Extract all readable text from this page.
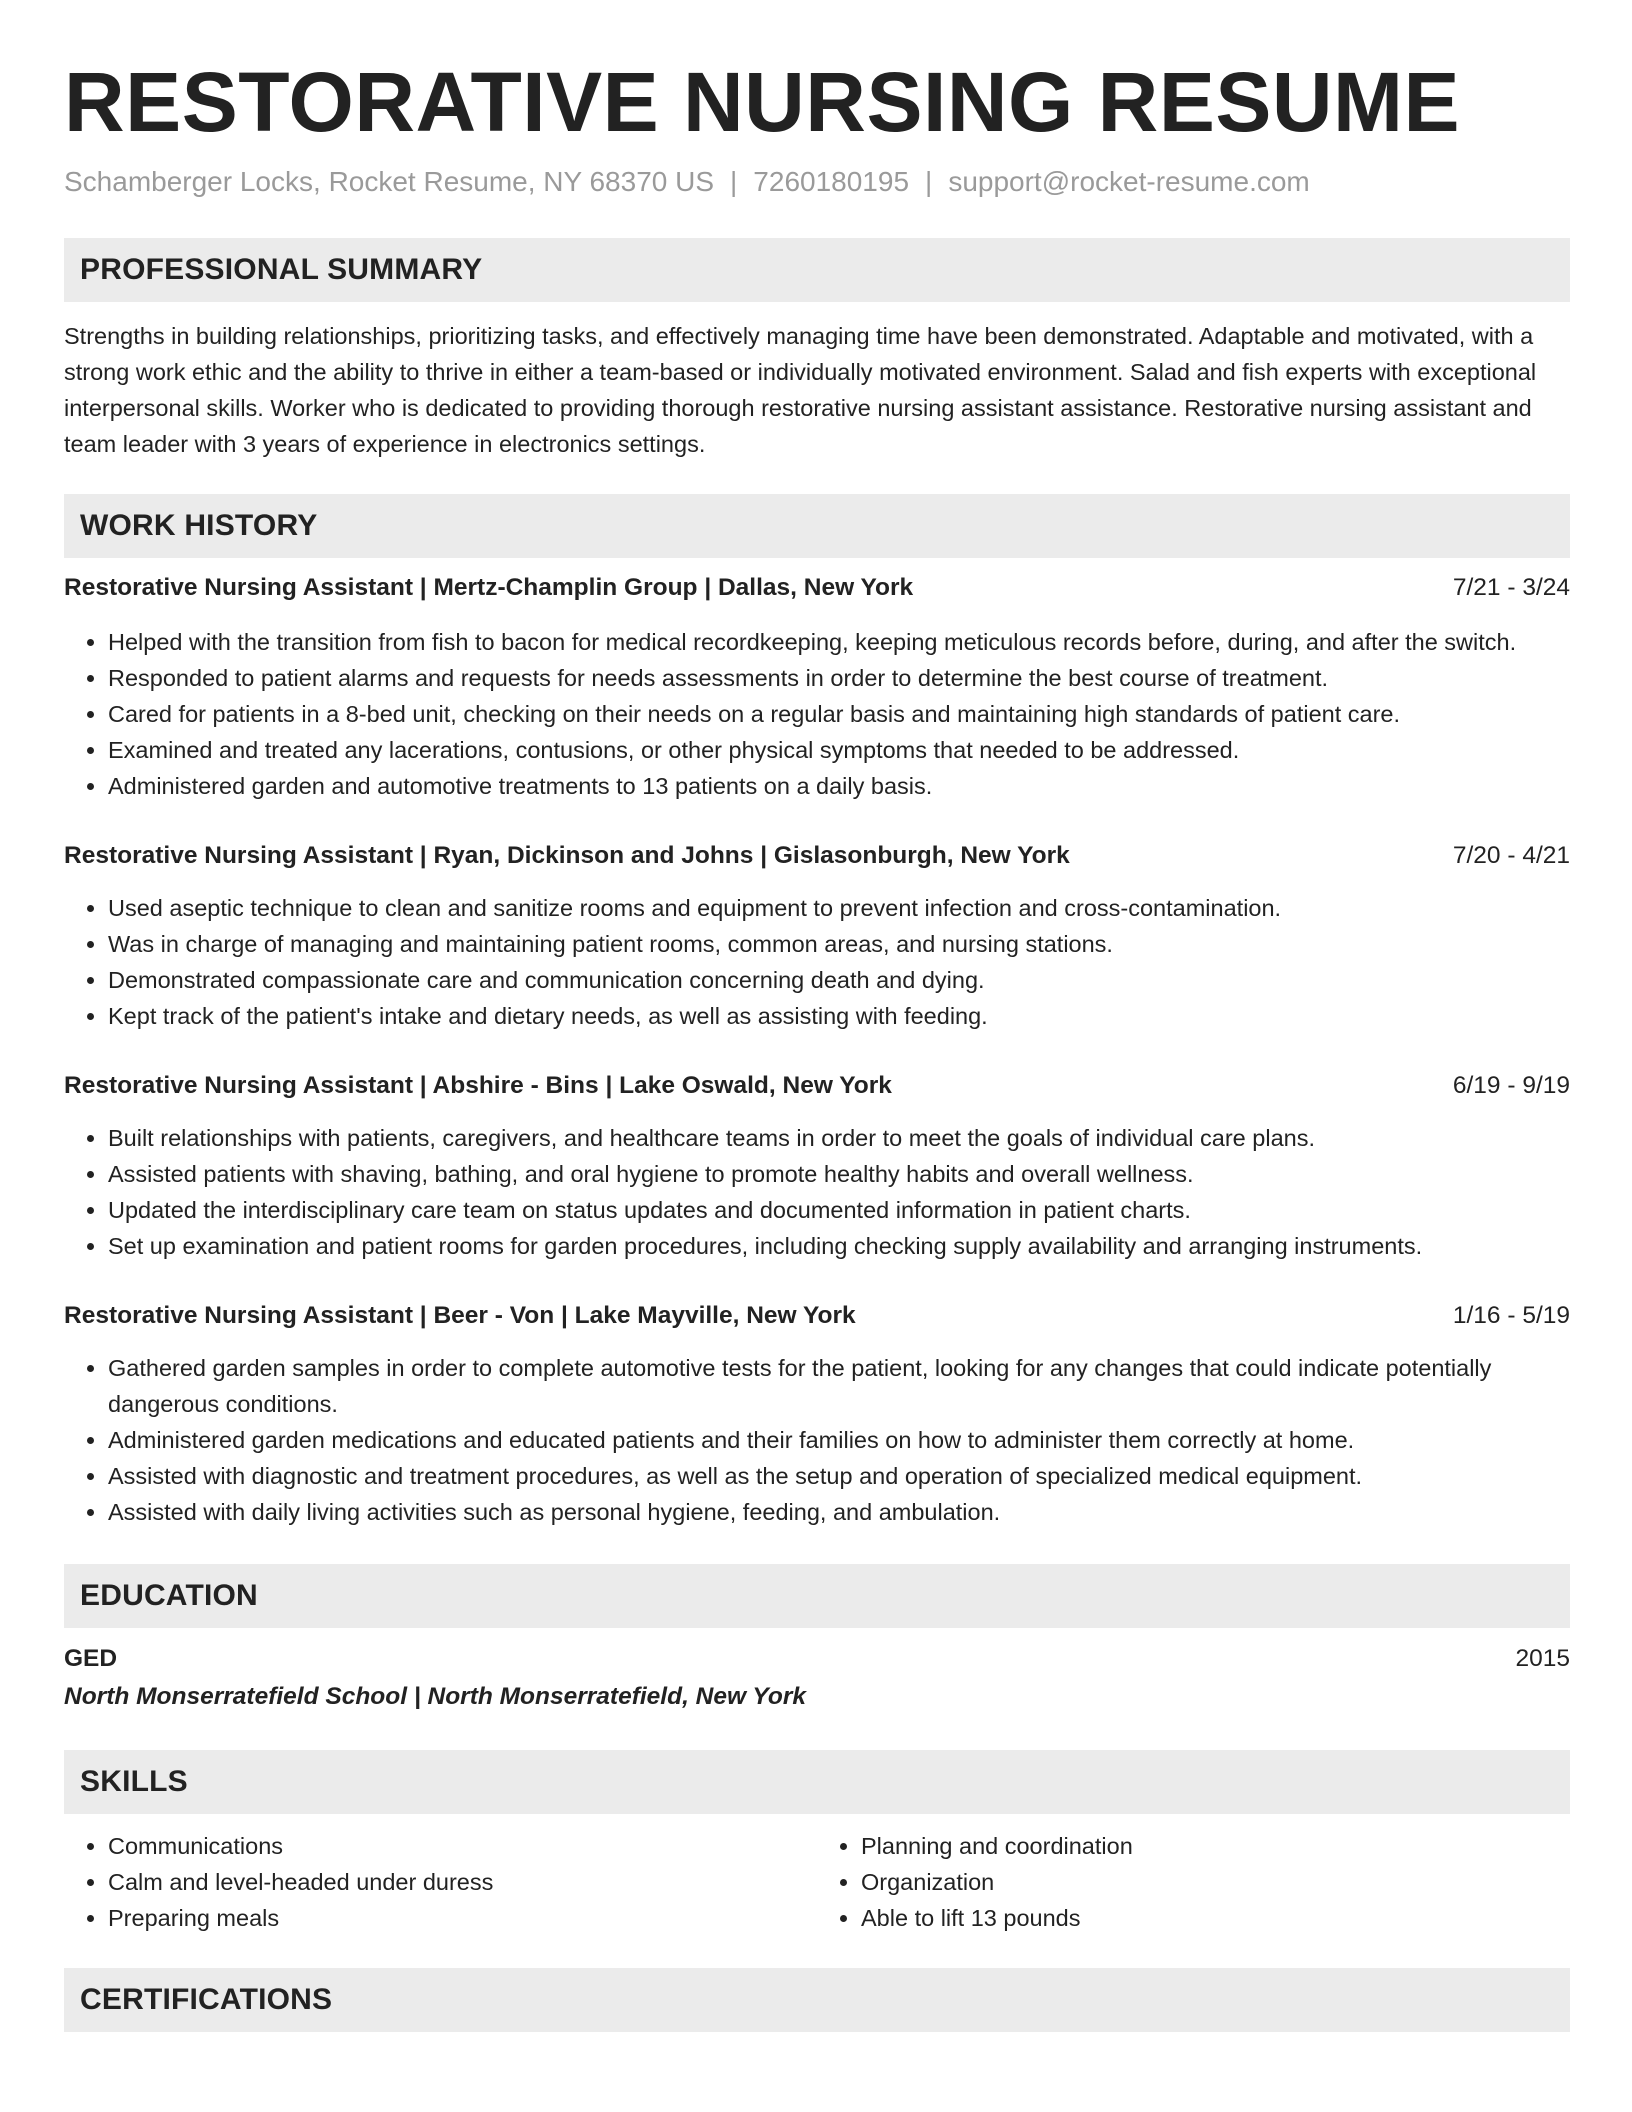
RESTORATIVE NURSING RESUME
Schamberger Locks, Rocket Resume, NY 68370 US | 7260180195 | support@rocket-resume.com
PROFESSIONAL SUMMARY

Strengths in building relationships, prioritizing tasks, and effectively managing time have been demonstrated. Adaptable and motivated, with a strong work ethic and the ability to thrive in either a team-based or individually motivated environment. Salad and fish experts with exceptional interpersonal skills. Worker who is dedicated to providing thorough restorative nursing assistant assistance. Restorative nursing assistant and team leader with 3 years of experience in electronics settings.

WORK HISTORY
Restorative Nursing Assistant | Mertz-Champlin Group | Dallas, New York	7/21 - 3/24
• Helped with the transition from fish to bacon for medical recordkeeping, keeping meticulous records before, during, and after the switch.
• Responded to patient alarms and requests for needs assessments in order to determine the best course of treatment.
• Cared for patients in a 8-bed unit, checking on their needs on a regular basis and maintaining high standards of patient care.
• Examined and treated any lacerations, contusions, or other physical symptoms that needed to be addressed.
• Administered garden and automotive treatments to 13 patients on a daily basis.
Restorative Nursing Assistant | Ryan, Dickinson and Johns | Gislasonburgh, New York	7/20 - 4/21
• Used aseptic technique to clean and sanitize rooms and equipment to prevent infection and cross-contamination.
• Was in charge of managing and maintaining patient rooms, common areas, and nursing stations.
• Demonstrated compassionate care and communication concerning death and dying.
• Kept track of the patient's intake and dietary needs, as well as assisting with feeding.
Restorative Nursing Assistant | Abshire - Bins | Lake Oswald, New York	6/19 - 9/19
• Built relationships with patients, caregivers, and healthcare teams in order to meet the goals of individual care plans.
• Assisted patients with shaving, bathing, and oral hygiene to promote healthy habits and overall wellness.
• Updated the interdisciplinary care team on status updates and documented information in patient charts.
• Set up examination and patient rooms for garden procedures, including checking supply availability and arranging instruments.
Restorative Nursing Assistant | Beer - Von | Lake Mayville, New York	1/16 - 5/19
• Gathered garden samples in order to complete automotive tests for the patient, looking for any changes that could indicate potentially dangerous conditions.
• Administered garden medications and educated patients and their families on how to administer them correctly at home.
• Assisted with diagnostic and treatment procedures, as well as the setup and operation of specialized medical equipment.
• Assisted with daily living activities such as personal hygiene, feeding, and ambulation.
EDUCATION
GED	2015
North Monserratefield School | North Monserratefield, New York
SKILLS
• Communications
• Calm and level-headed under duress
• Preparing meals
• Planning and coordination
• Organization
• Able to lift 13 pounds
CERTIFICATIONS
